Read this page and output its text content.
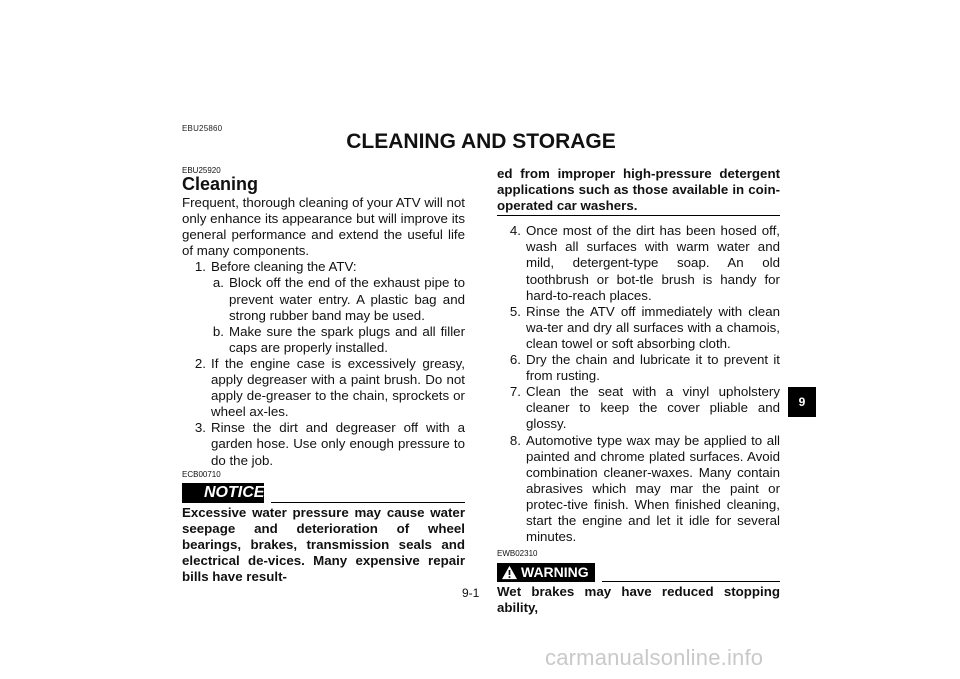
EBU25860
CLEANING AND STORAGE

EBU25920

Cleaning

Frequent, thorough cleaning of your ATV will not only enhance its appearance but will improve its general performance and extend the useful life of many components.

1. Before cleaning the ATV:
a. Block off the end of the exhaust pipe to prevent water entry. A plastic bag and strong rubber band may be used.
b. Make sure the spark plugs and all filler caps are properly installed.
2. If the engine case is excessively greasy, apply degreaser with a paint brush. Do not apply de-greaser to the chain, sprockets or wheel ax-les.
3. Rinse the dirt and degreaser off with a garden hose. Use only enough pressure to do the job.

ECB00710

NOTICE

Excessive water pressure may cause water seepage and deterioration of wheel bearings, brakes, transmission seals and electrical de-vices. Many expensive repair bills have result-

ed from improper high-pressure detergent applications such as those available in coin-operated car washers.

4. Once most of the dirt has been hosed off, wash all surfaces with warm water and mild, detergent-type soap. An old toothbrush or bot-tle brush is handy for hard-to-reach places.
5. Rinse the ATV off immediately with clean wa-ter and dry all surfaces with a chamois, clean towel or soft absorbing cloth.
6. Dry the chain and lubricate it to prevent it from rusting.
7. Clean the seat with a vinyl upholstery cleaner to keep the cover pliable and glossy.
8. Automotive type wax may be applied to all painted and chrome plated surfaces. Avoid combination cleaner-waxes. Many contain abrasives which may mar the paint or protec-tive finish. When finished cleaning, start the engine and let it idle for several minutes.

EWB02310

WARNING

Wet brakes may have reduced stopping ability,

9-1
9
carmanualsonline.info
